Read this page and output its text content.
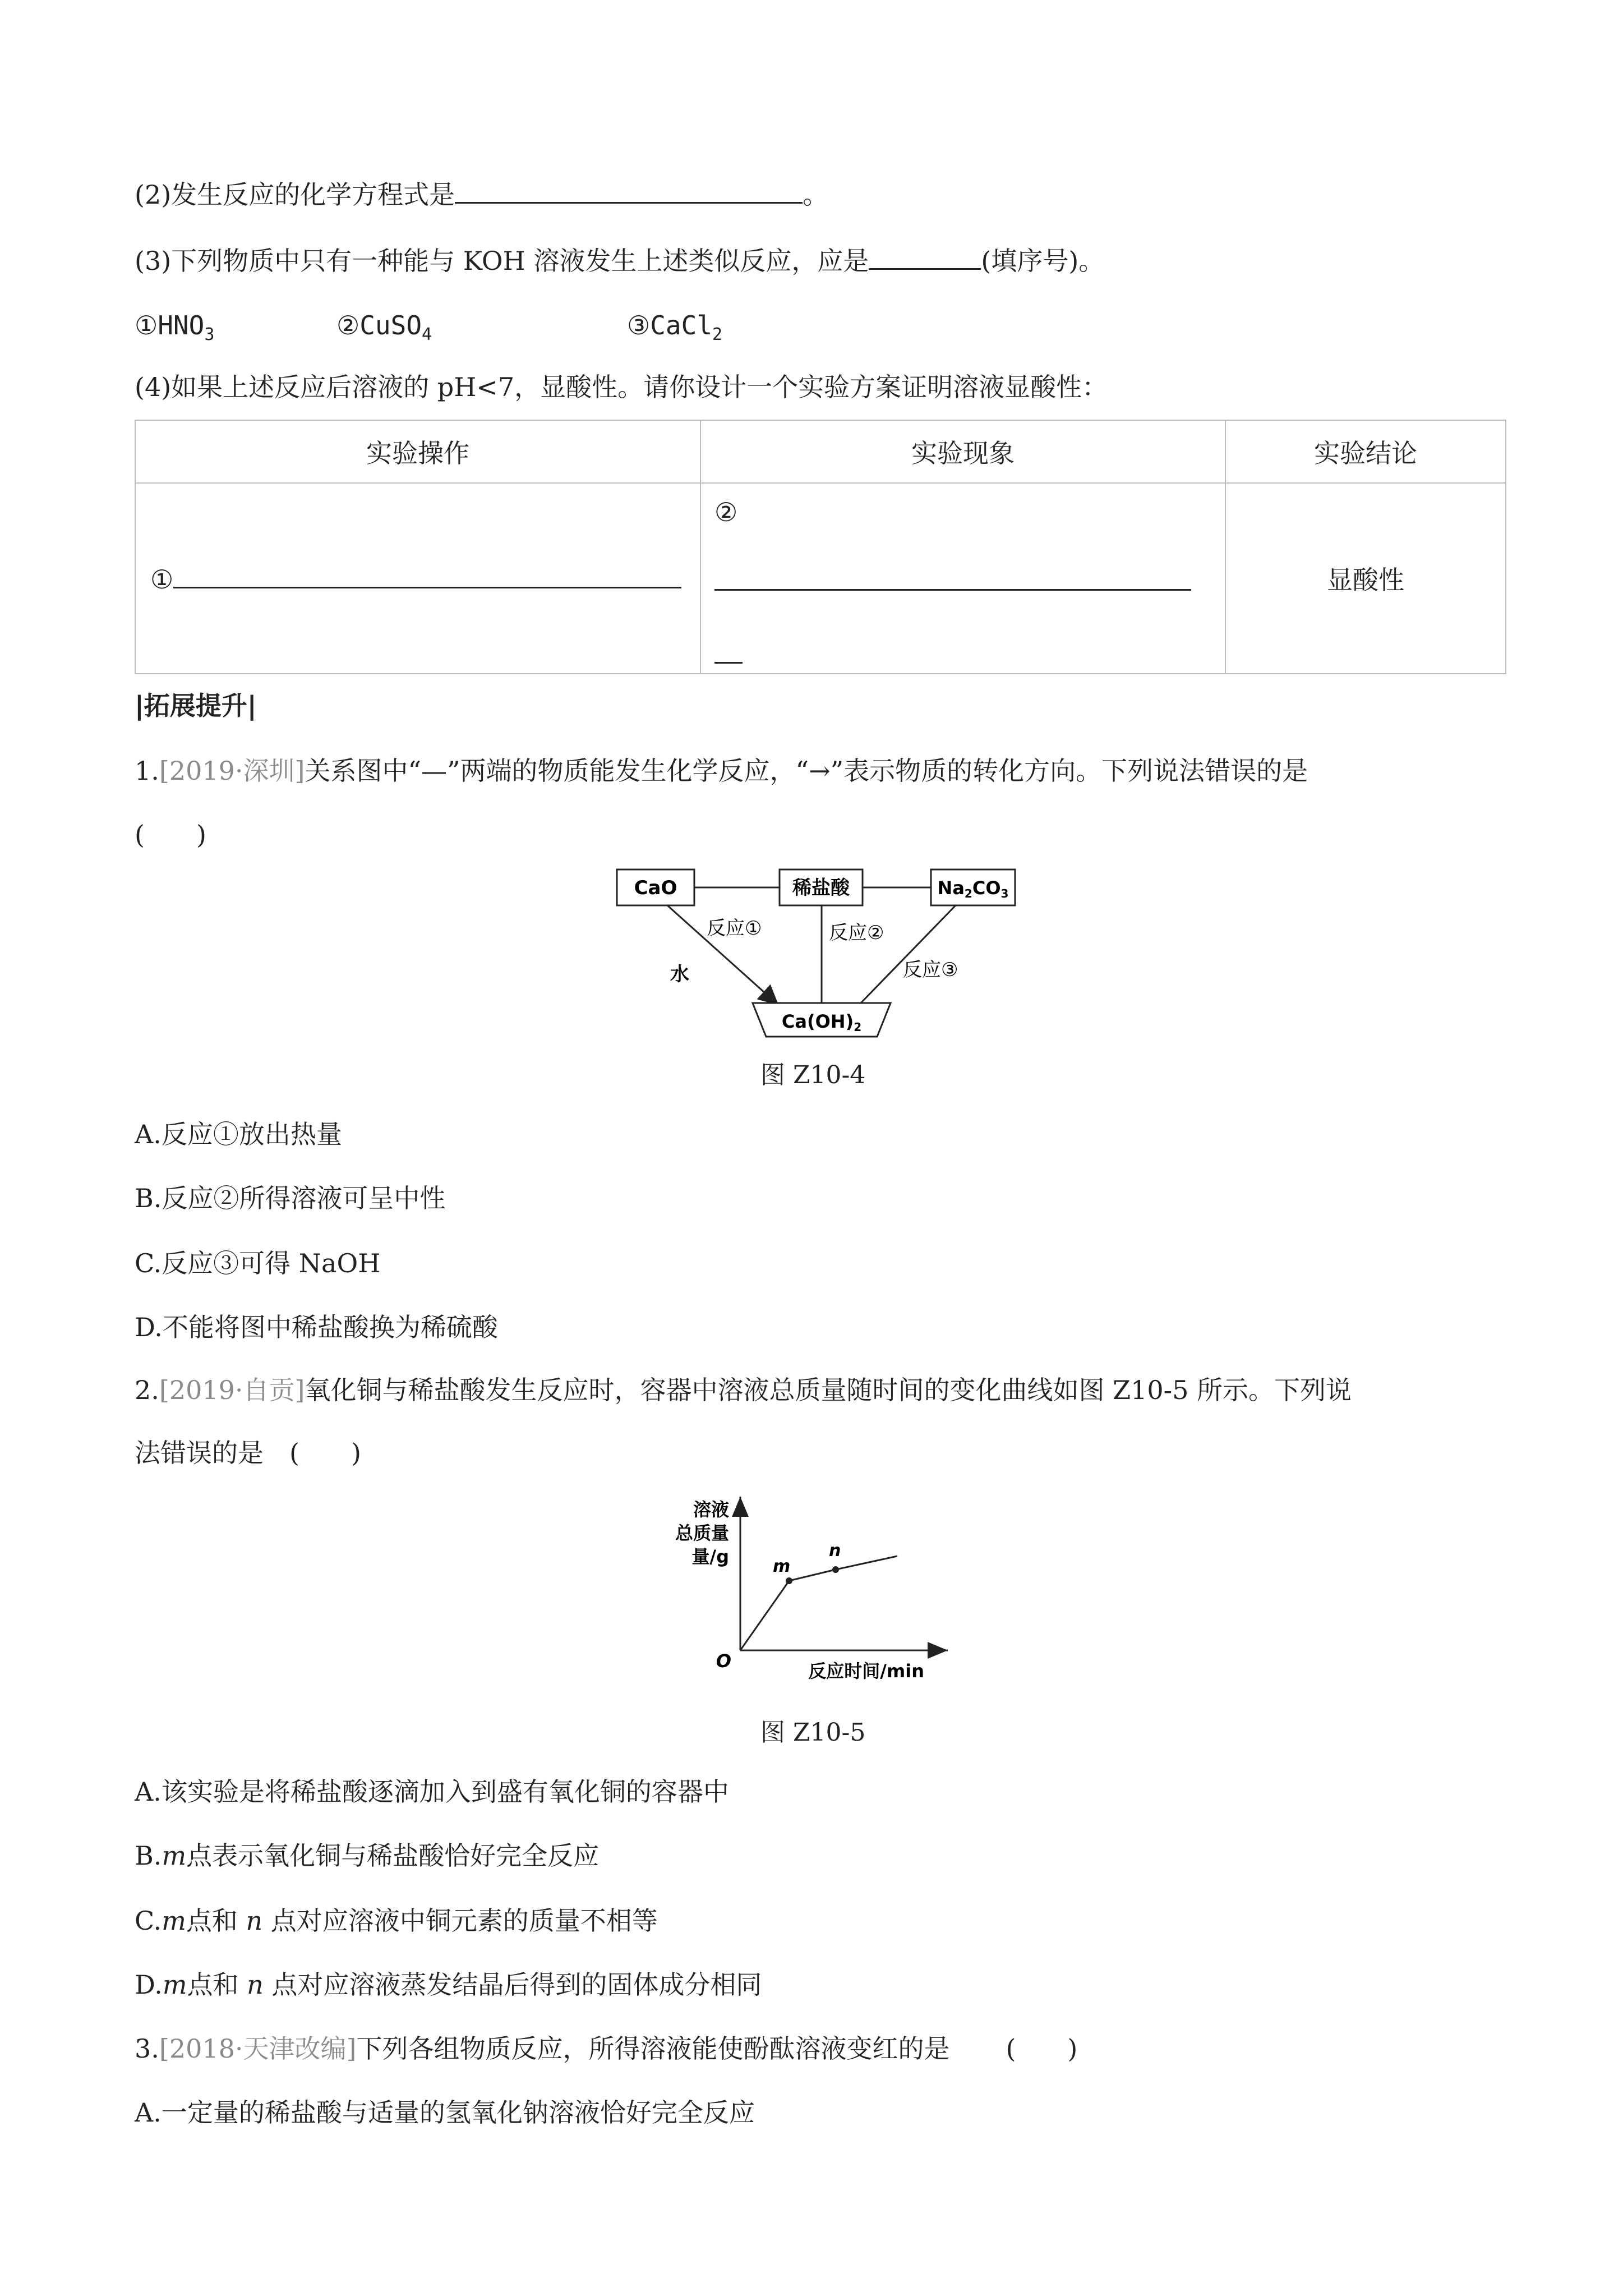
(2)发生反应的化学方程式是	。
(3)下列物质中只有一种能与 KOH 溶液发生上述类似反应，应是	(填序号)。
$①HNO_3$	②CuSO$_4$	③CaCl$_2$
(4)如果上述反应后溶液的 pH<7，显酸性。请你设计一个实验方案证明溶液显酸性：
实验操作	实验现象	实验结论
①	②	显酸性
|拓展提升|
1.[2019·深圳]关系图中“—”两端的物质能发生化学反应，“→”表示物质的转化方向。下列说法错误的是
(　　)
CaO	稀盐酸	Na2CO3
Ca(OH)2
反应①
水
反应②
反应③
图 Z10-4
A.反应①放出热量
B.反应②所得溶液可呈中性
C.反应③可得 NaOH
D.不能将图中稀盐酸换为稀硫酸
2.[2019·自贡]氧化铜与稀盐酸发生反应时，容器中溶液总质量随时间的变化曲线如图 Z10-5 所示。下列说
法错误的是　(　　)
溶液
总质量
量/g
O	反应时间/min
m
n
图 Z10-5
A.该实验是将稀盐酸逐滴加入到盛有氧化铜的容器中
B.m点表示氧化铜与稀盐酸恰好完全反应
C.m点和 n 点对应溶液中铜元素的质量不相等
D.m点和 n 点对应溶液蒸发结晶后得到的固体成分相同
3.[2018·天津改编]下列各组物质反应，所得溶液能使酚酞溶液变红的是 (　　)
A.一定量的稀盐酸与适量的氢氧化钠溶液恰好完全反应
